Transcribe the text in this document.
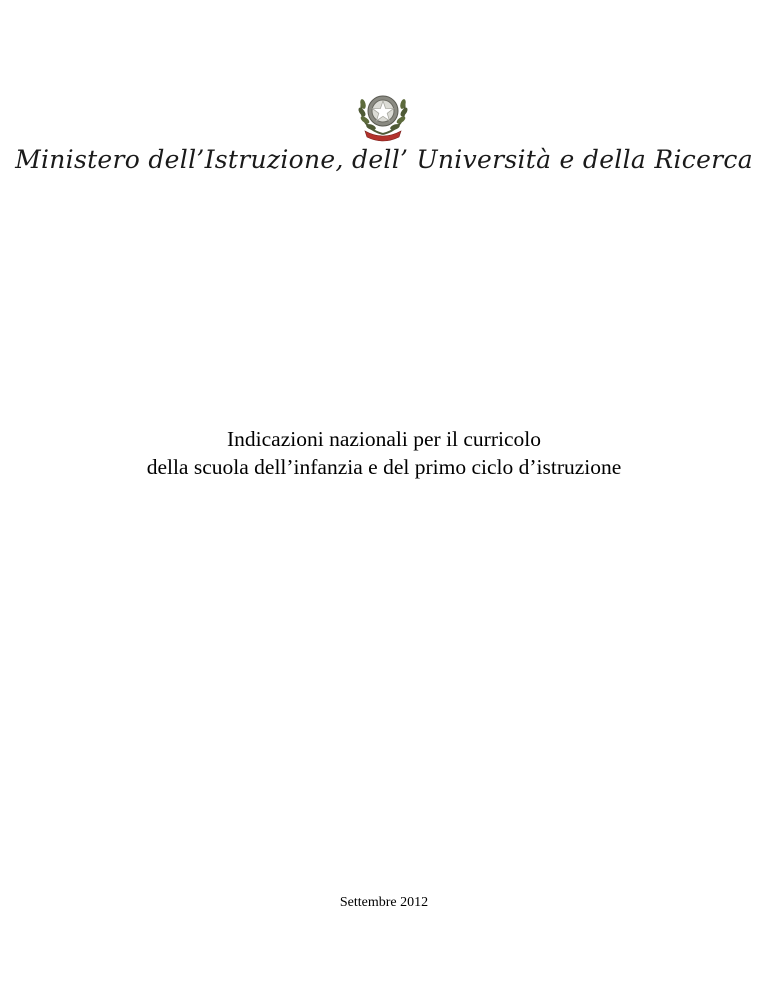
Ministero dell’Istruzione, dell’ Università e della Ricerca
Indicazioni nazionali per il curricolo
della scuola dell’infanzia e del primo ciclo d’istruzione
Settembre 2012
